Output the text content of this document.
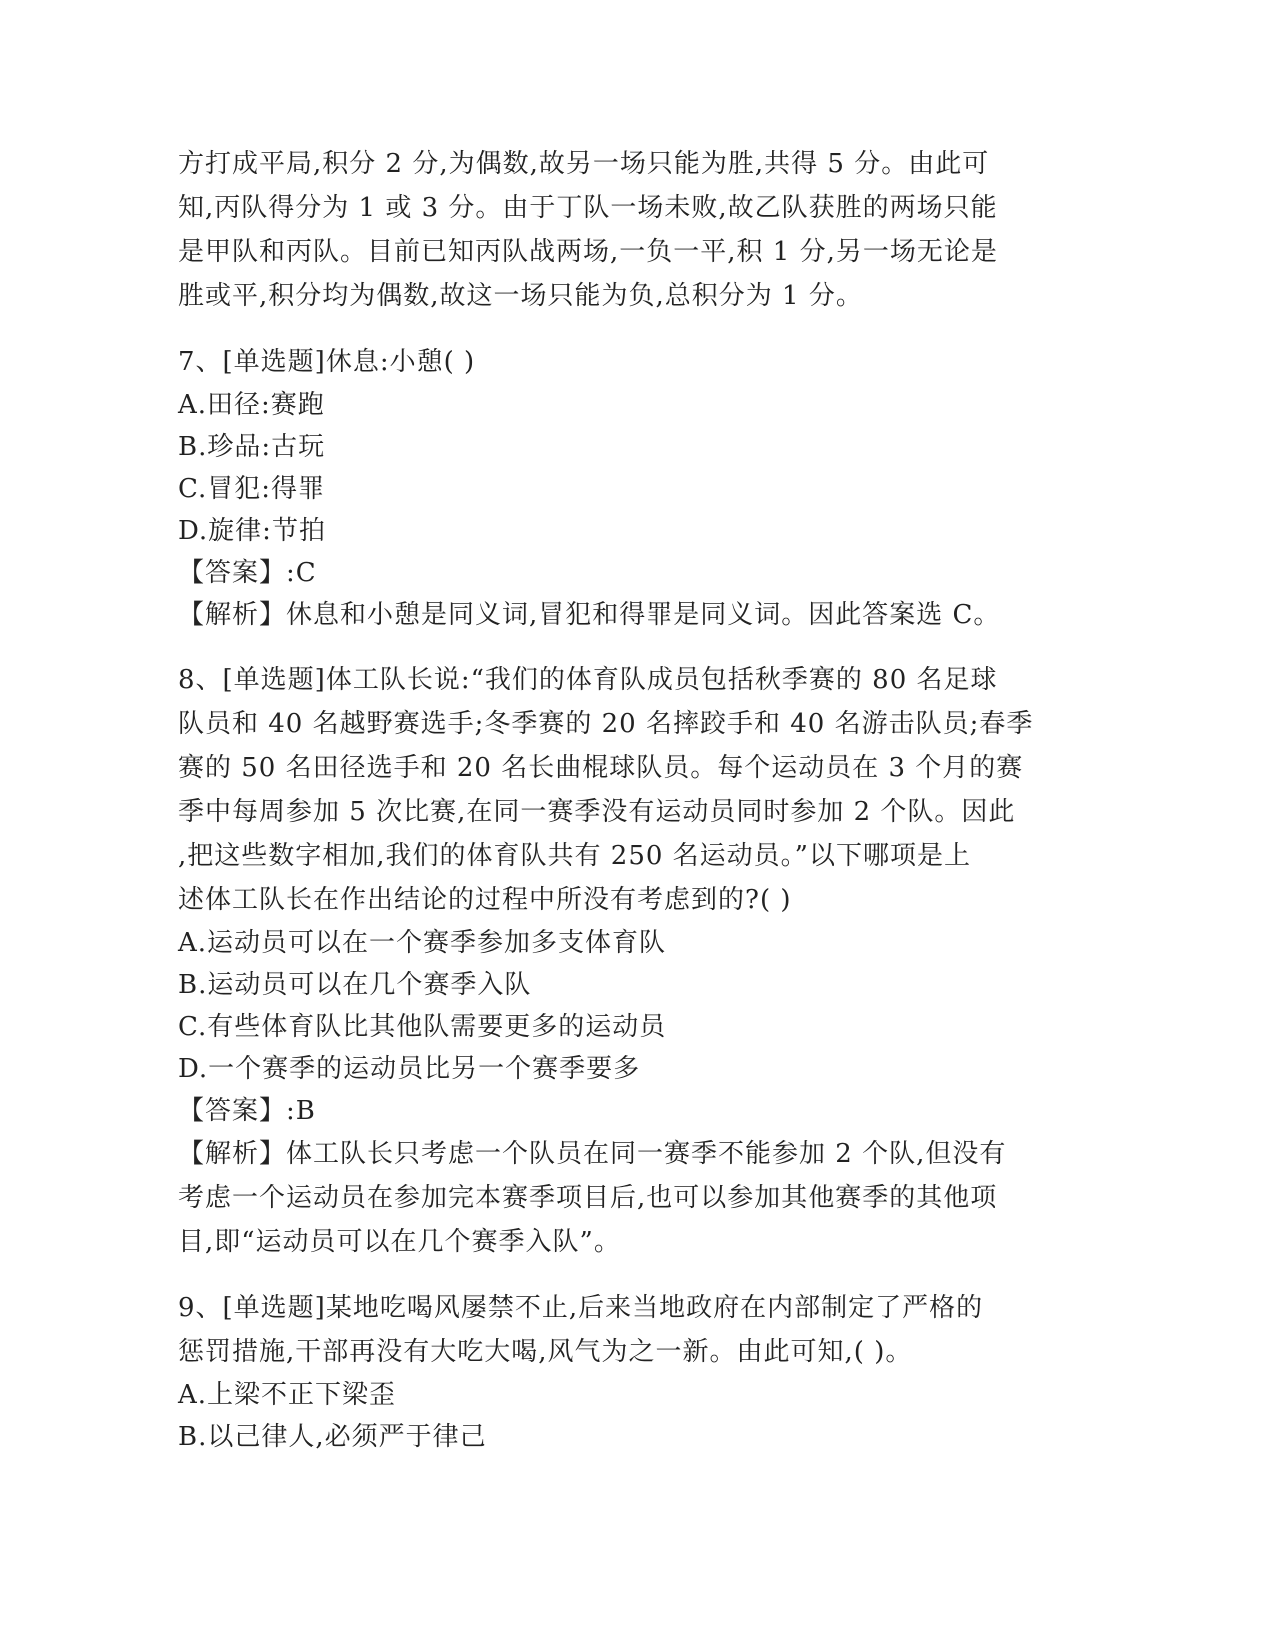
方打成平局,积分 2 分,为偶数,故另一场只能为胜,共得 5 分。由此可
知,丙队得分为 1 或 3 分。由于丁队一场未败,故乙队获胜的两场只能
是甲队和丙队。目前已知丙队战两场,一负一平,积 1 分,另一场无论是
胜或平,积分均为偶数,故这一场只能为负,总积分为 1 分。
7、[单选题]休息:小憩( )
A.田径:赛跑
B.珍品:古玩
C.冒犯:得罪
D.旋律:节拍
【答案】:C
【解析】休息和小憩是同义词,冒犯和得罪是同义词。因此答案选 C。
8、[单选题]体工队长说:“我们的体育队成员包括秋季赛的 80 名足球
队员和 40 名越野赛选手;冬季赛的 20 名摔跤手和 40 名游击队员;春季
赛的 50 名田径选手和 20 名长曲棍球队员。每个运动员在 3 个月的赛
季中每周参加 5 次比赛,在同一赛季没有运动员同时参加 2 个队。因此
,把这些数字相加,我们的体育队共有 250 名运动员。”以下哪项是上
述体工队长在作出结论的过程中所没有考虑到的?( )
A.运动员可以在一个赛季参加多支体育队
B.运动员可以在几个赛季入队
C.有些体育队比其他队需要更多的运动员
D.一个赛季的运动员比另一个赛季要多
【答案】:B
【解析】体工队长只考虑一个队员在同一赛季不能参加 2 个队,但没有
考虑一个运动员在参加完本赛季项目后,也可以参加其他赛季的其他项
目,即“运动员可以在几个赛季入队”。
9、[单选题]某地吃喝风屡禁不止,后来当地政府在内部制定了严格的
惩罚措施,干部再没有大吃大喝,风气为之一新。由此可知,( )。
A.上梁不正下梁歪
B.以己律人,必须严于律己
